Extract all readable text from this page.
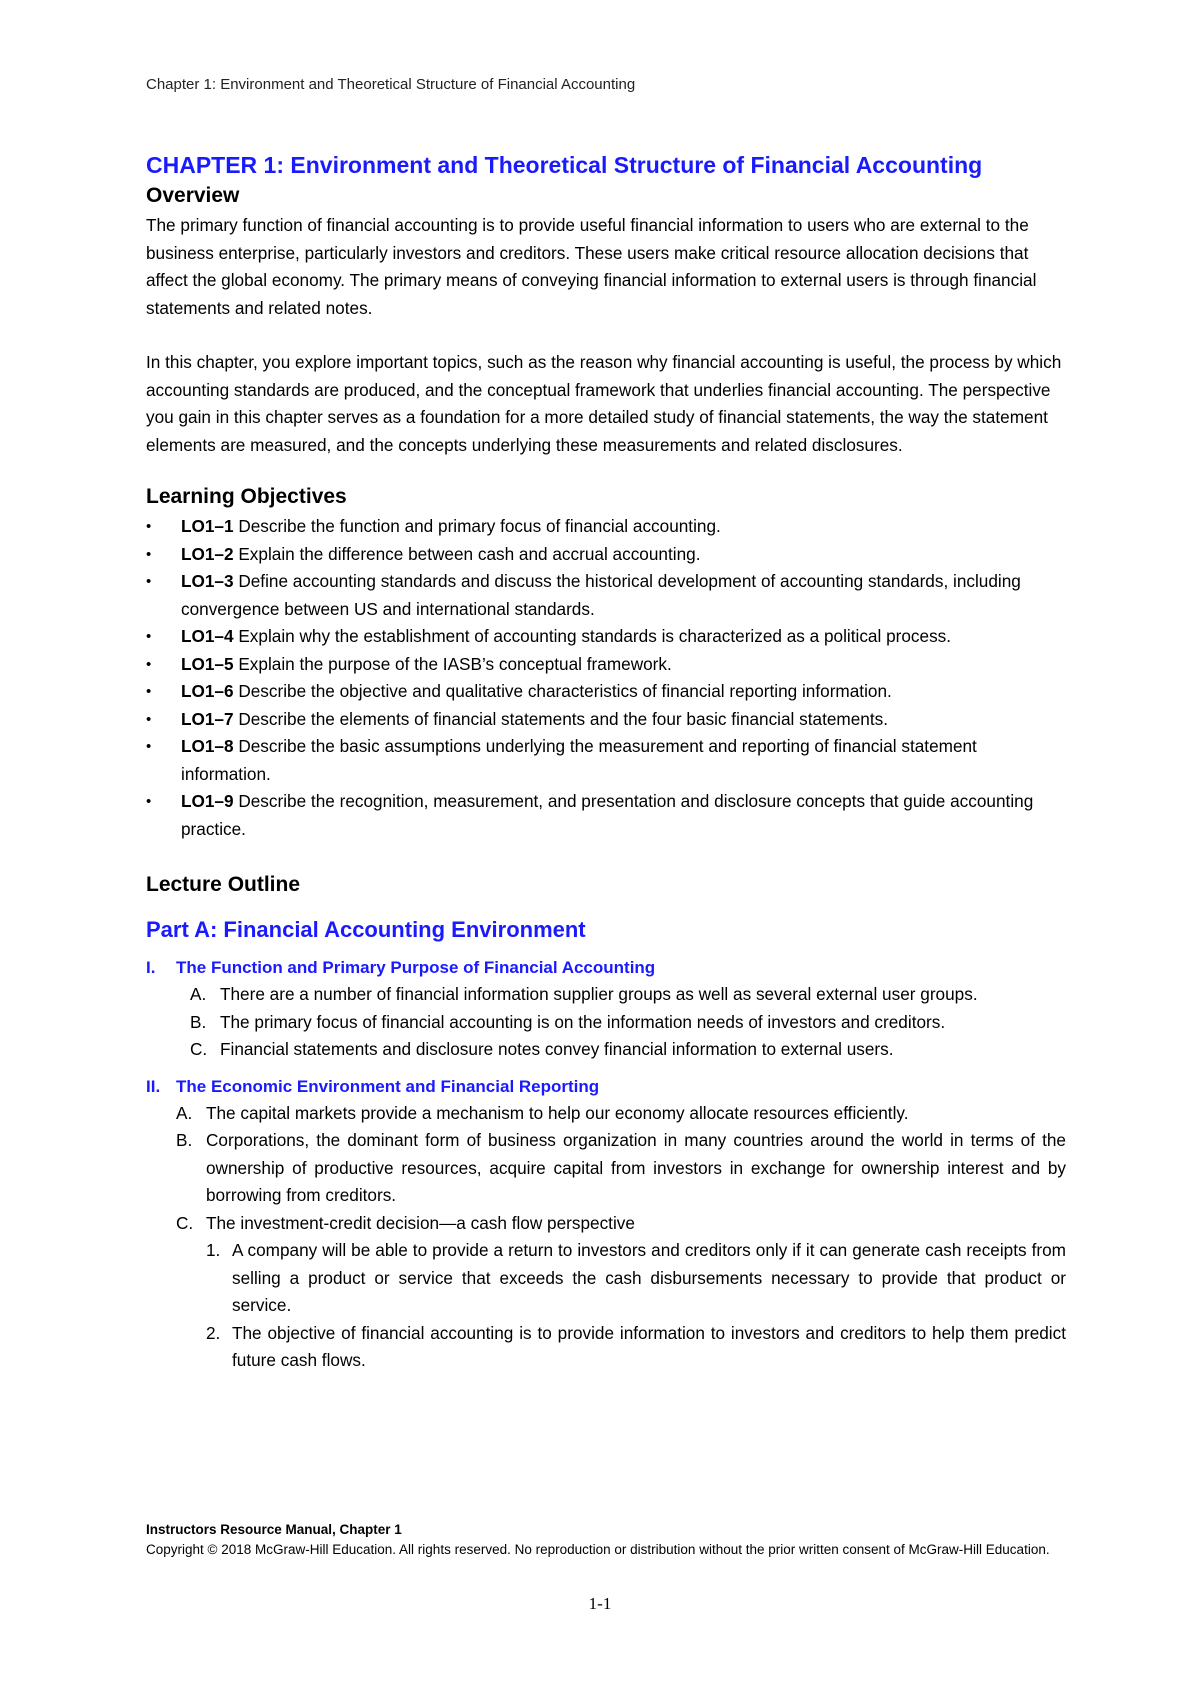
Chapter 1: Environment and Theoretical Structure of Financial Accounting
CHAPTER 1: Environment and Theoretical Structure of Financial Accounting
Overview

The primary function of financial accounting is to provide useful financial information to users who are external to the business enterprise, particularly investors and creditors. These users make critical resource allocation decisions that affect the global economy. The primary means of conveying financial information to external users is through financial statements and related notes.

In this chapter, you explore important topics, such as the reason why financial accounting is useful, the process by which accounting standards are produced, and the conceptual framework that underlies financial accounting. The perspective you gain in this chapter serves as a foundation for a more detailed study of financial statements, the way the statement elements are measured, and the concepts underlying these measurements and related disclosures.

Learning Objectives
• LO1–1 Describe the function and primary focus of financial accounting.
• LO1–2 Explain the difference between cash and accrual accounting.
• LO1–3 Define accounting standards and discuss the historical development of accounting standards, including convergence between US and international standards.
• LO1–4 Explain why the establishment of accounting standards is characterized as a political process.
• LO1–5 Explain the purpose of the IASB’s conceptual framework.
• LO1–6 Describe the objective and qualitative characteristics of financial reporting information.
• LO1–7 Describe the elements of financial statements and the four basic financial statements.
• LO1–8 Describe the basic assumptions underlying the measurement and reporting of financial statement information.
• LO1–9 Describe the recognition, measurement, and presentation and disclosure concepts that guide accounting practice.
Lecture Outline
Part A: Financial Accounting Environment
I. The Function and Primary Purpose of Financial Accounting
A. There are a number of financial information supplier groups as well as several external user groups.
B. The primary focus of financial accounting is on the information needs of investors and creditors.
C. Financial statements and disclosure notes convey financial information to external users.
II. The Economic Environment and Financial Reporting
A. The capital markets provide a mechanism to help our economy allocate resources efficiently.
B. Corporations, the dominant form of business organization in many countries around the world in terms of the ownership of productive resources, acquire capital from investors in exchange for ownership interest and by borrowing from creditors.
C. The investment-credit decision—a cash flow perspective
1. A company will be able to provide a return to investors and creditors only if it can generate cash receipts from selling a product or service that exceeds the cash disbursements necessary to provide that product or service.
2. The objective of financial accounting is to provide information to investors and creditors to help them predict future cash flows.
Instructors Resource Manual, Chapter 1
Copyright © 2018 McGraw-Hill Education. All rights reserved. No reproduction or distribution without the prior written consent of McGraw-Hill Education.
1-1
